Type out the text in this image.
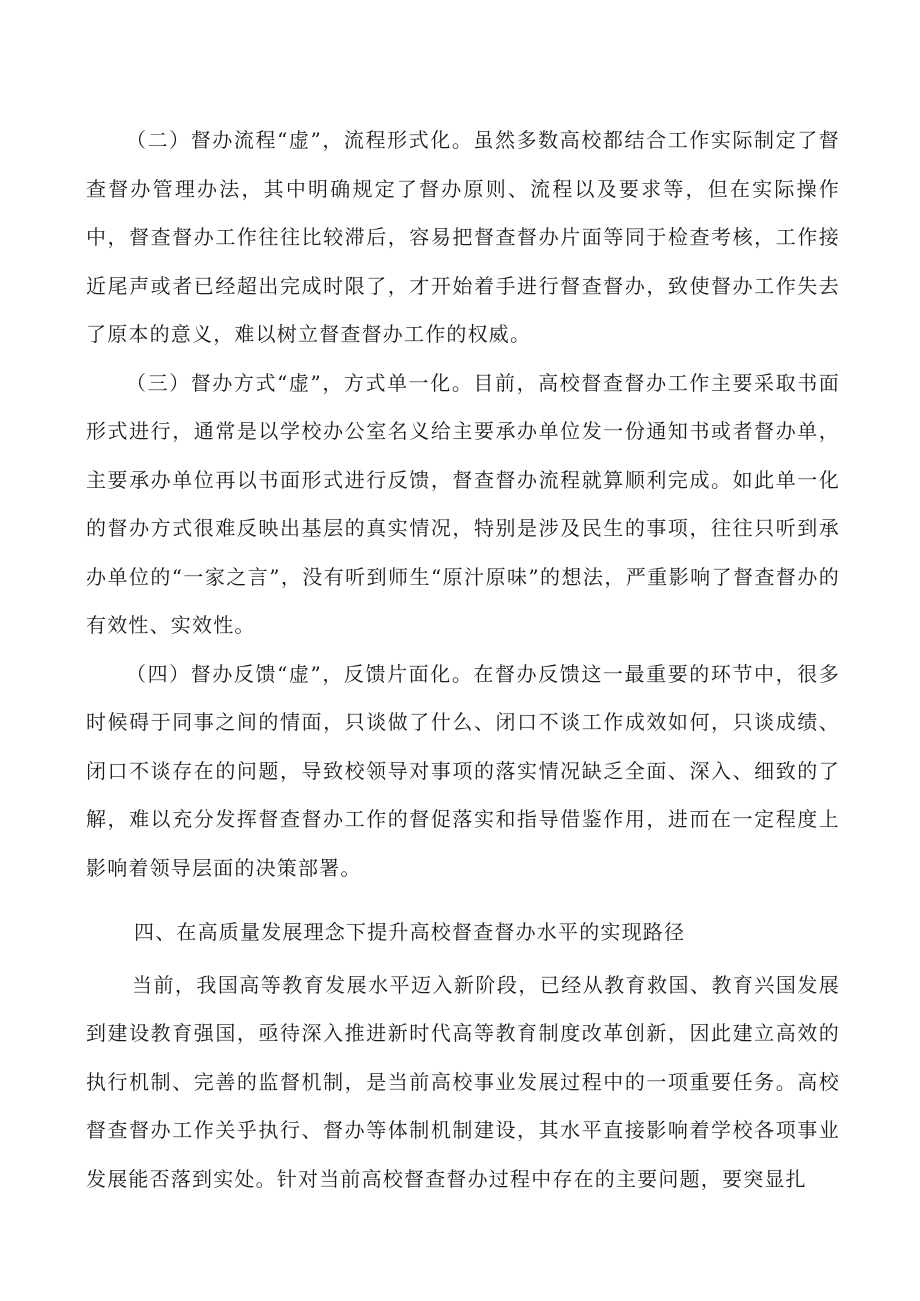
（二）督办流程“虚”，流程形式化。虽然多数高校都结合工作实际制定了督查督办管理办法，其中明确规定了督办原则、流程以及要求等，但在实际操作中，督查督办工作往往比较滞后，容易把督查督办片面等同于检查考核，工作接近尾声或者已经超出完成时限了，才开始着手进行督查督办，致使督办工作失去了原本的意义，难以树立督查督办工作的权威。

（三）督办方式“虚”，方式单一化。目前，高校督查督办工作主要采取书面形式进行，通常是以学校办公室名义给主要承办单位发一份通知书或者督办单，主要承办单位再以书面形式进行反馈，督查督办流程就算顺利完成。如此单一化的督办方式很难反映出基层的真实情况，特别是涉及民生的事项，往往只听到承办单位的“一家之言”，没有听到师生“原汁原味”的想法，严重影响了督查督办的有效性、实效性。

（四）督办反馈“虚”，反馈片面化。在督办反馈这一最重要的环节中，很多时候碍于同事之间的情面，只谈做了什么、闭口不谈工作成效如何，只谈成绩、闭口不谈存在的问题，导致校领导对事项的落实情况缺乏全面、深入、细致的了解，难以充分发挥督查督办工作的督促落实和指导借鉴作用，进而在一定程度上影响着领导层面的决策部署。

四、在高质量发展理念下提升高校督查督办水平的实现路径

当前，我国高等教育发展水平迈入新阶段，已经从教育救国、教育兴国发展到建设教育强国，亟待深入推进新时代高等教育制度改革创新，因此建立高效的执行机制、完善的监督机制，是当前高校事业发展过程中的一项重要任务。高校督查督办工作关乎执行、督办等体制机制建设，其水平直接影响着学校各项事业发展能否落到实处。针对当前高校督查督办过程中存在的主要问题，要突显扎
